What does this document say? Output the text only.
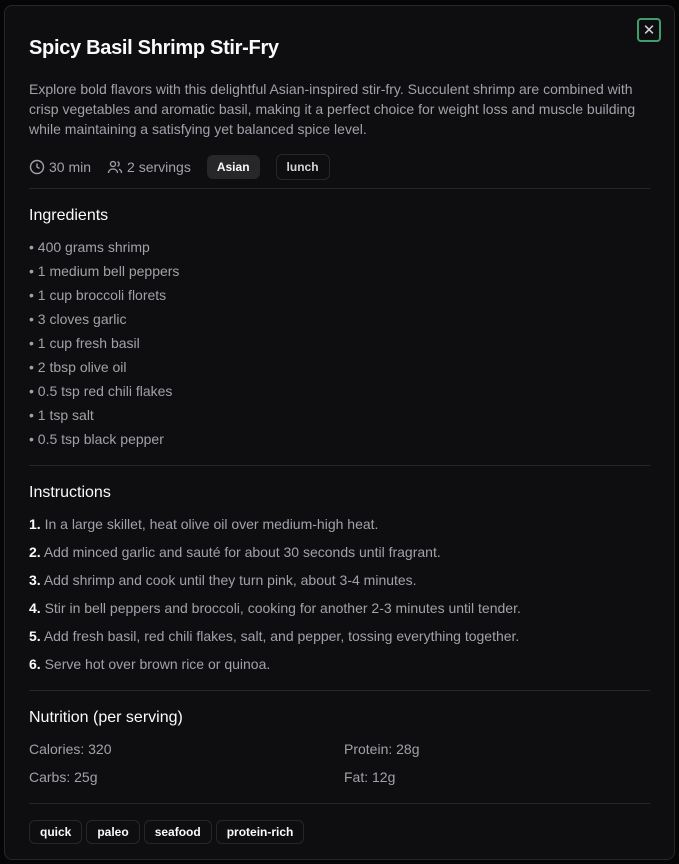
✕
Spicy Basil Shrimp Stir-Fry

Explore bold flavors with this delightful Asian-inspired stir-fry. Succulent shrimp are combined with crisp vegetables and aromatic basil, making it a perfect choice for weight loss and muscle building while maintaining a satisfying yet balanced spice level.

30 min	2 servings	Asian	lunch
Ingredients
• 400 grams shrimp
• 1 medium bell peppers
• 1 cup broccoli florets
• 3 cloves garlic
• 1 cup fresh basil
• 2 tbsp olive oil
• 0.5 tsp red chili flakes
• 1 tsp salt
• 0.5 tsp black pepper
Instructions
1. In a large skillet, heat olive oil over medium-high heat.
2. Add minced garlic and sauté for about 30 seconds until fragrant.
3. Add shrimp and cook until they turn pink, about 3-4 minutes.
4. Stir in bell peppers and broccoli, cooking for another 2-3 minutes until tender.
5. Add fresh basil, red chili flakes, salt, and pepper, tossing everything together.
6. Serve hot over brown rice or quinoa.
Nutrition (per serving)
Calories: 320	Protein: 28g
Carbs: 25g	Fat: 12g
quick	paleo	seafood	protein-rich
